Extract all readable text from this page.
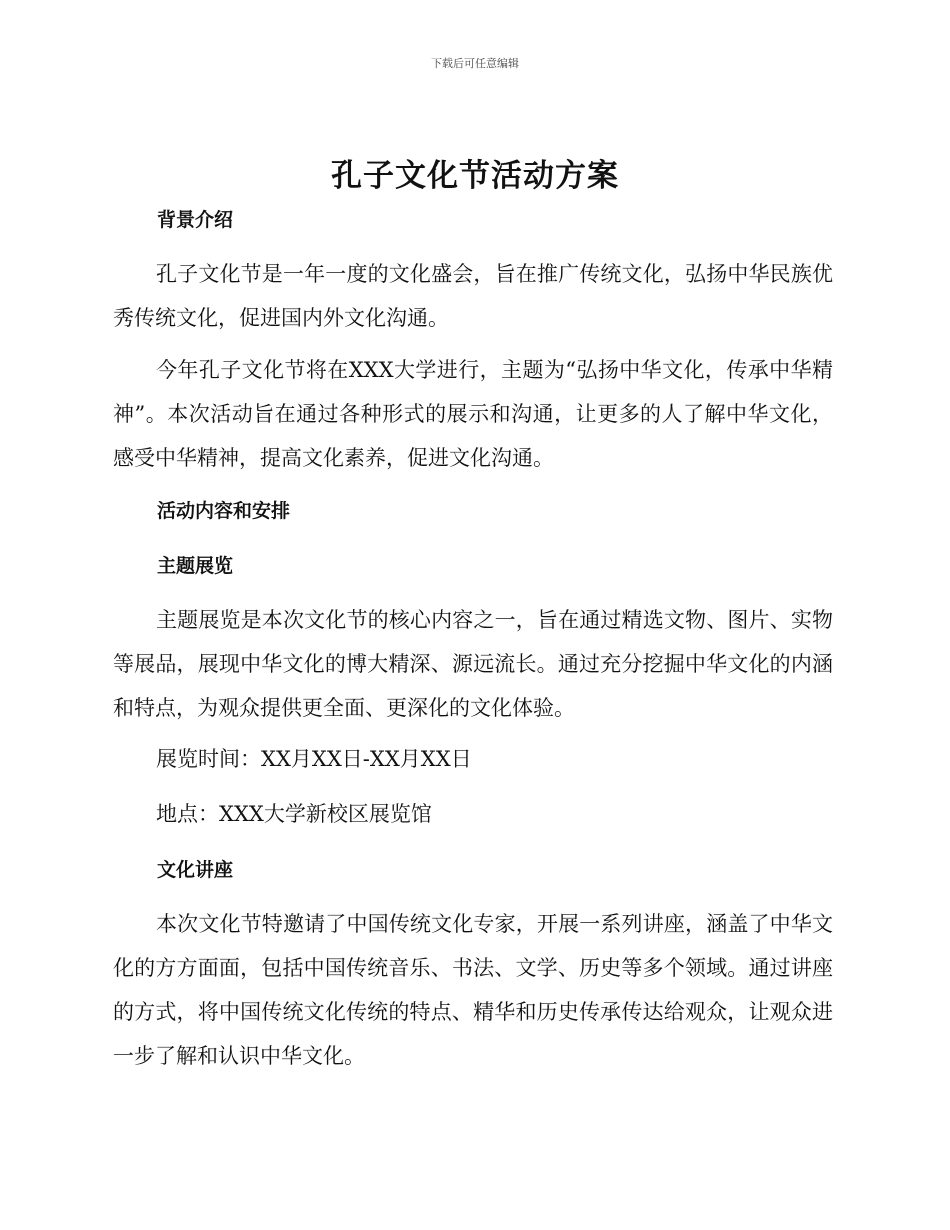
下载后可任意编辑
孔子文化节活动方案
背景介绍

孔子文化节是一年一度的文化盛会，旨在推广传统文化，弘扬中华民族优秀传统文化，促进国内外文化沟通。

今年孔子文化节将在XXX大学进行，主题为“弘扬中华文化，传承中华精神”。本次活动旨在通过各种形式的展示和沟通，让更多的人了解中华文化，感受中华精神，提高文化素养，促进文化沟通。

活动内容和安排
主题展览

主题展览是本次文化节的核心内容之一，旨在通过精选文物、图片、实物等展品，展现中华文化的博大精深、源远流长。通过充分挖掘中华文化的内涵和特点，为观众提供更全面、更深化的文化体验。

展览时间：XX月XX日-XX月XX日
地点：XXX大学新校区展览馆
文化讲座

本次文化节特邀请了中国传统文化专家，开展一系列讲座，涵盖了中华文化的方方面面，包括中国传统音乐、书法、文学、历史等多个领域。通过讲座的方式，将中国传统文化传统的特点、精华和历史传承传达给观众，让观众进一步了解和认识中华文化。
